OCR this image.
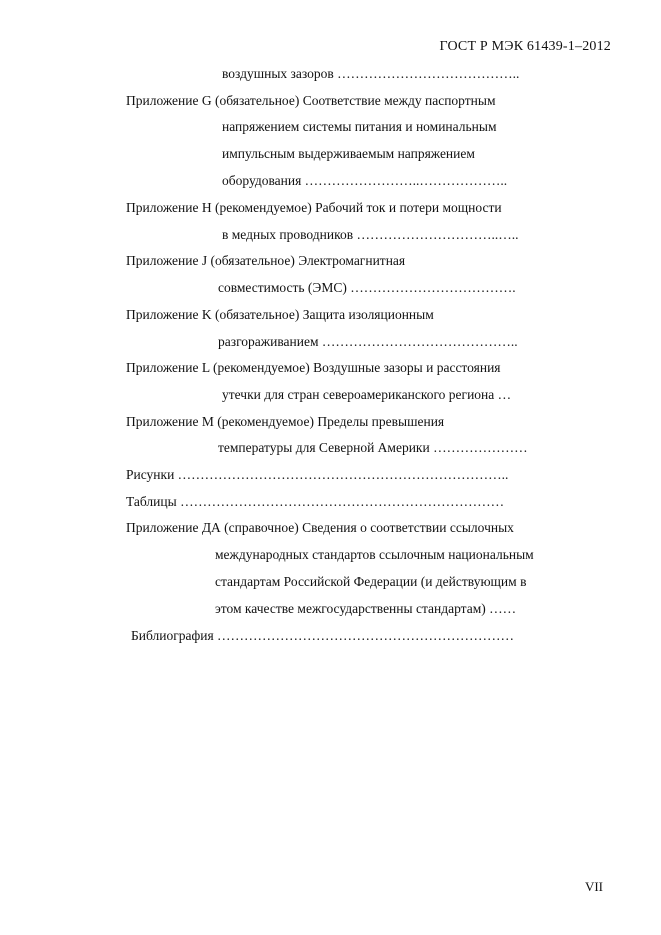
ГОСТ Р МЭК 61439-1–2012
воздушных зазоров …………………………………..
Приложение G (обязательное) Соответствие между паспортным
напряжением системы питания и номинальным
импульсным выдерживаемым напряжением
оборудования ……………………..………………..
Приложение H (рекомендуемое) Рабочий ток и потери мощности
в медных проводников …………………………..…..
Приложение J (обязательное) Электромагнитная
совместимость (ЭМС) ……………………………….
Приложение K (обязательное) Защита изоляционным
разгораживанием ……………………………………..
Приложение L (рекомендуемое) Воздушные зазоры и расстояния
утечки для стран североамериканского региона …
Приложение M (рекомендуемое) Пределы превышения
температуры для Северной Америки …………………
Рисунки ………………………………………………………………..
Таблицы ………………………………………………………………
Приложение ДА (справочное) Сведения о соответствии ссылочных
международных стандартов ссылочным национальным
стандартам Российской Федерации (и действующим в
этом качестве межгосударственны стандартам) ……
Библиография …………………………………………………………
VII
